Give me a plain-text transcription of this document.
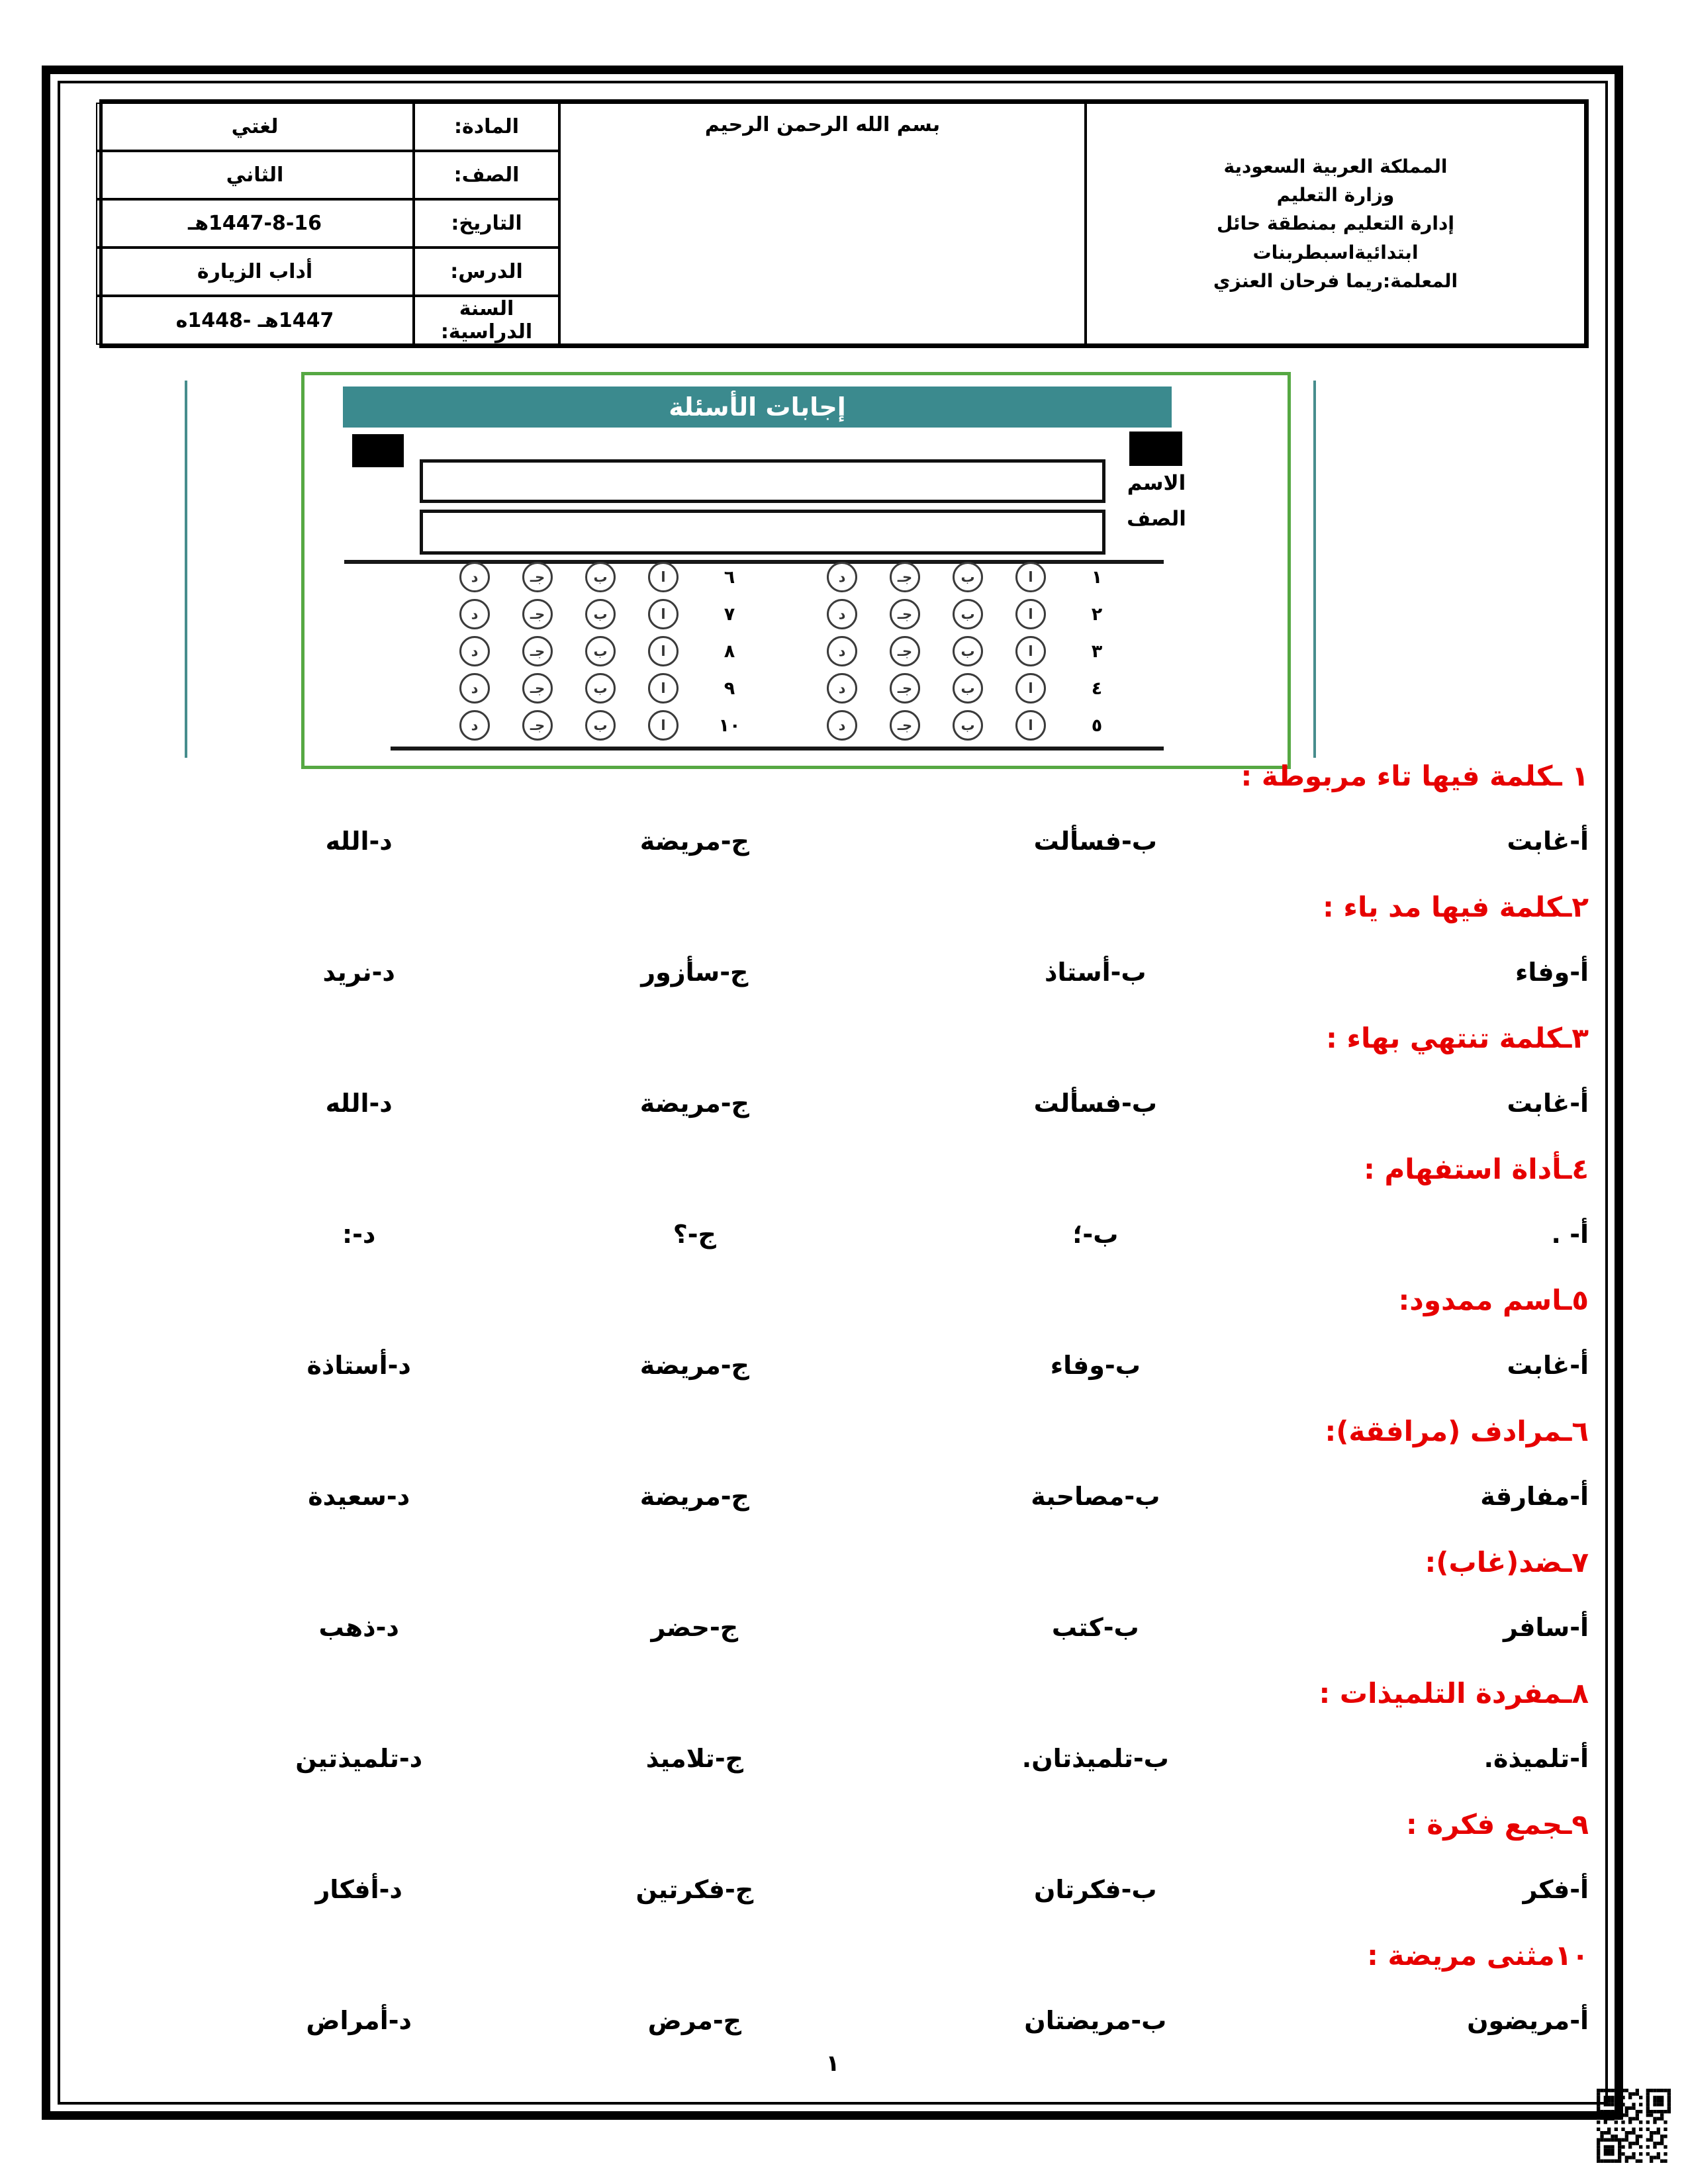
المملكة العربية السعودية
وزارة التعليم
إدارة التعليم بمنطقة حائل
ابتدائيةاسبطربنات
المعلمة:ريما فرحان العنزي
بسم الله الرحمن الرحيم
المادة:
الصف:
التاريخ:
الدرس:
السنة الدراسية:
لغتي
الثاني
1447-8-16هـ
أداب الزيارة
1447هـ -1448ه
إجابات الأسئلة
الاسم
الصف
١
ا
ب
جـ
د
٢
ا
ب
جـ
د
٣
ا
ب
جـ
د
٤
ا
ب
جـ
د
٥
ا
ب
جـ
د
٦
ا
ب
جـ
د
٧
ا
ب
جـ
د
٨
ا
ب
جـ
د
٩
ا
ب
جـ
د
١٠
ا
ب
جـ
د
١ ـكلمة فيها تاء مربوطة :
أ-غابت
ب-فسألت
ج-مريضة
د-الله
٢ـكلمة فيها مد ياء :
أ-وفاء
ب-أستاذ
ج-سأزور
د-نريد
٣ـكلمة تنتهي بهاء :
أ-غابت
ب-فسألت
ج-مريضة
د-الله
٤ـأداة استفهام :
أ- .
ب-؛
ج-؟
د-:
٥ـاسم ممدود:
أ-غابت
ب-وفاء
ج-مريضة
د-أستاذة
٦ـمرادف (مرافقة):
أ-مفارقة
ب-مصاحبة
ج-مريضة
د-سعيدة
٧ـضد(غاب):
أ-سافر
ب-كتب
ج-حضر
د-ذهب
٨ـمفردة التلميذات :
أ-تلميذة.
ب-تلميذتان.
ج-تلاميذ
د-تلميذتين
٩ـجمع فكرة :
أ-فكر
ب-فكرتان
ج-فكرتين
د-أفكار
١٠مثنى مريضة :
أ-مريضون
ب-مريضتان
ج-مرض
د-أمراض
١
